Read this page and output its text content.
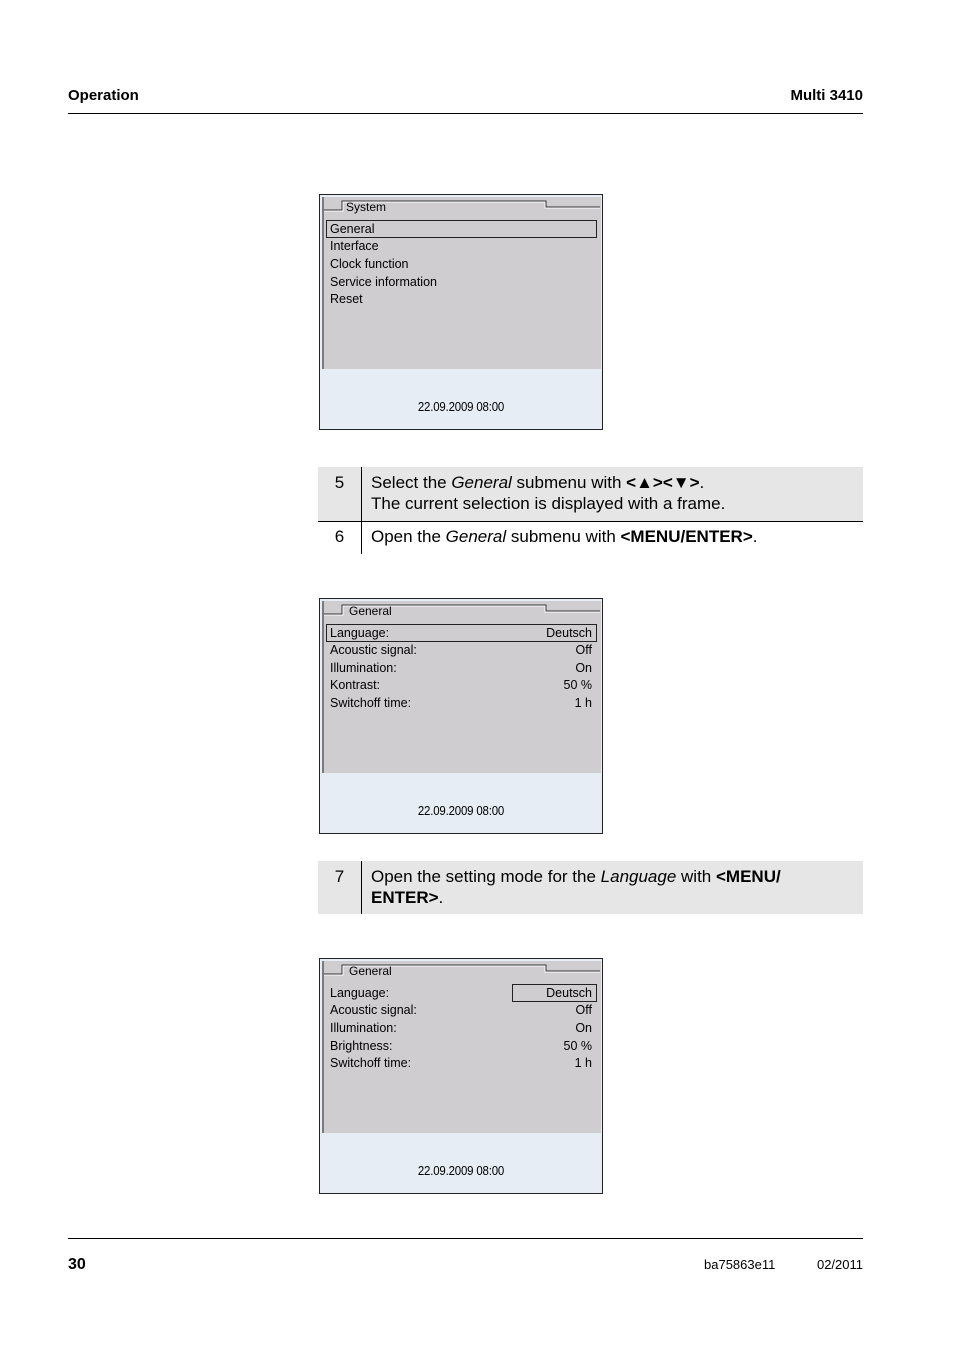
Operation	Multi 3410
System
General
Interface
Clock function
Service information
Reset
22.09.2009 08:00
5	Select the General submenu with <▲><▼>.
The current selection is displayed with a frame.
6	Open the General submenu with <MENU/ENTER>.
General
Language:	Deutsch
Acoustic signal:	Off
Illumination:	On
Kontrast:	50 %
Switchoff time:	1 h
22.09.2009 08:00
7	Open the setting mode for the Language with <MENU/
ENTER>.
General
Language:	Deutsch
Acoustic signal:	Off
Illumination:	On
Brightness:	50 %
Switchoff time:	1 h
22.09.2009 08:00
30	ba75863e11	02/2011
